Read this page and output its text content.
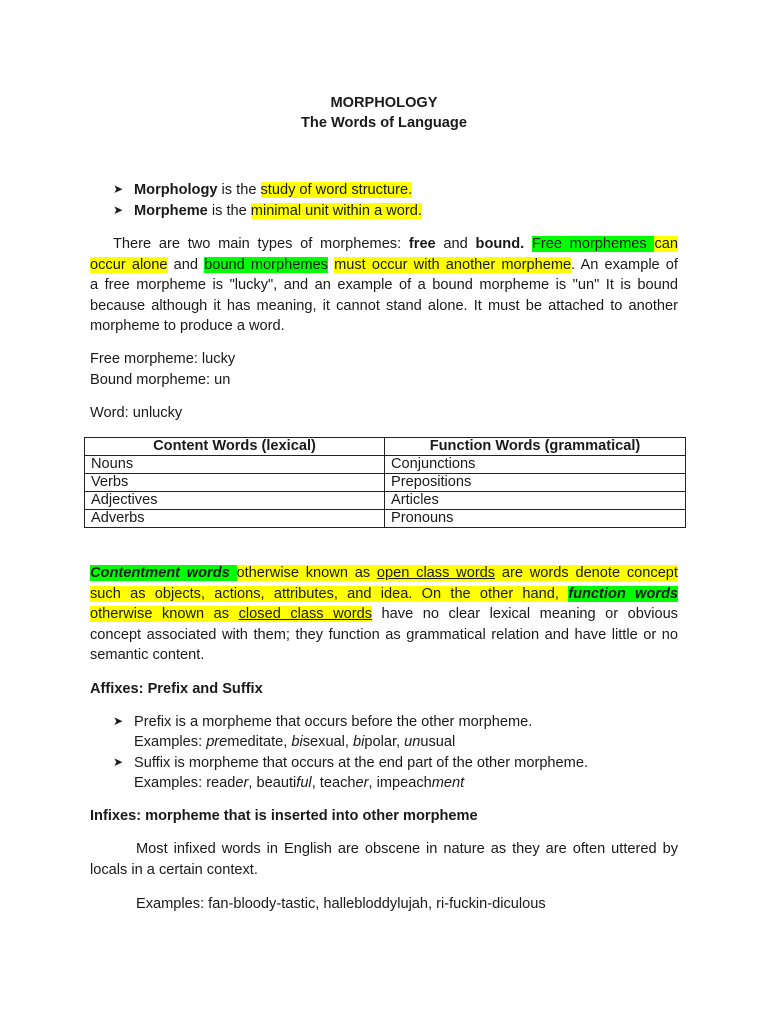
MORPHOLOGY
The Words of Language
➤ Morphology is the study of word structure.
➤ Morpheme is the minimal unit within a word.
There are two main types of morphemes: free and bound. Free morphemes can
occur alone and bound morphemes must occur with another morpheme. An example of
a free morpheme is "lucky", and an example of a bound morpheme is "un" It is bound
because although it has meaning, it cannot stand alone. It must be attached to another
morpheme to produce a word.
Free morpheme: lucky
Bound morpheme: un
Word: unlucky
Content Words (lexical)	Function Words (grammatical)
Nouns	Conjunctions
Verbs	Prepositions
Adjectives	Articles
Adverbs	Pronouns
Contentment words otherwise known as open class words are words denote concept
such as objects, actions, attributes, and idea. On the other hand, function words
otherwise known as closed class words have no clear lexical meaning or obvious
concept associated with them; they function as grammatical relation and have little or no
semantic content.
Affixes: Prefix and Suffix
➤ Prefix is a morpheme that occurs before the other morpheme.
Examples: premeditate, bisexual, bipolar, unusual
➤ Suffix is morpheme that occurs at the end part of the other morpheme.
Examples: reader, beautiful, teacher, impeachment
Infixes: morpheme that is inserted into other morpheme
Most infixed words in English are obscene in nature as they are often uttered by
locals in a certain context.
Examples: fan-bloody-tastic, hallebloddylujah, ri-fuckin-diculous
